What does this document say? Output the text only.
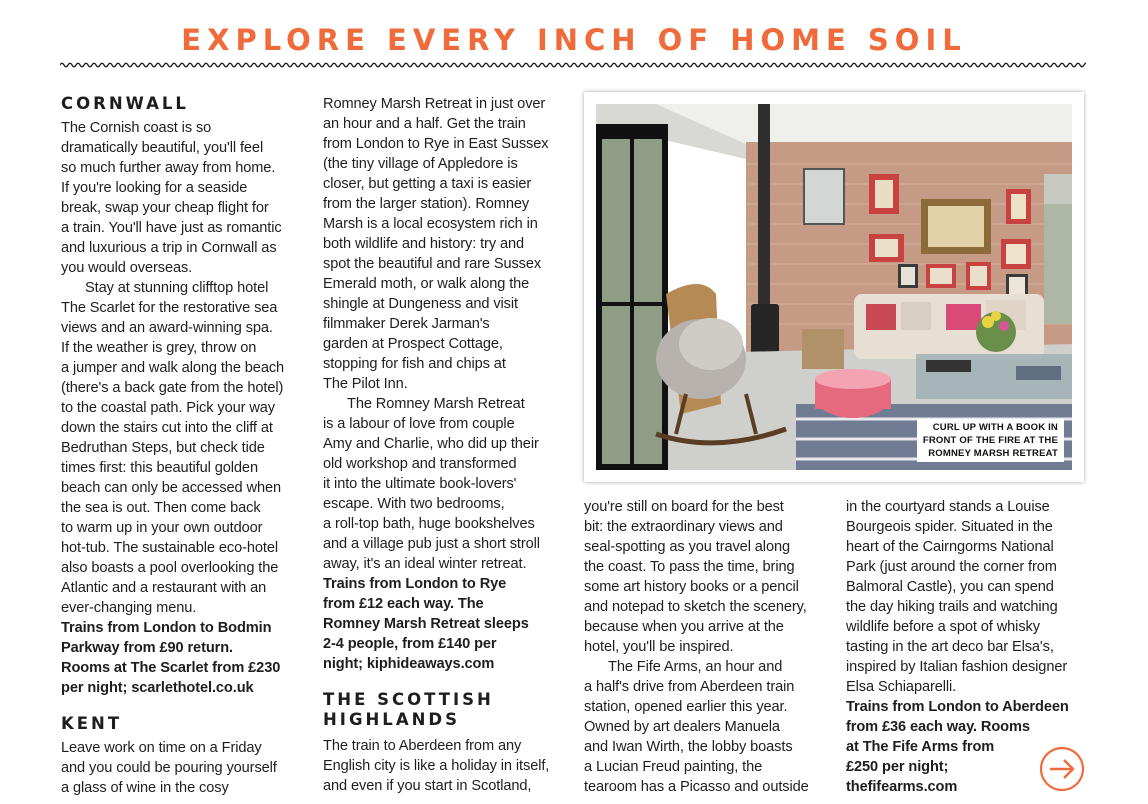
EXPLORE EVERY INCH OF HOME SOIL
CORNWALL

The Cornish coast is so
dramatically beautiful, you'll feel
so much further away from home.
If you're looking for a seaside
break, swap your cheap flight for
a train. You'll have just as romantic
and luxurious a trip in Cornwall as
you would overseas.

Stay at stunning clifftop hotel
The Scarlet for the restorative sea
views and an award-winning spa.
If the weather is grey, throw on
a jumper and walk along the beach
(there's a back gate from the hotel)
to the coastal path. Pick your way
down the stairs cut into the cliff at
Bedruthan Steps, but check tide
times first: this beautiful golden
beach can only be accessed when
the sea is out. Then come back
to warm up in your own outdoor
hot-tub. The sustainable eco-hotel
also boasts a pool overlooking the
Atlantic and a restaurant with an
ever-changing menu.

Trains from London to Bodmin
Parkway from £90 return.
Rooms at The Scarlet from £230
per night; scarlethotel.co.uk

KENT

Leave work on time on a Friday
and you could be pouring yourself
a glass of wine in the cosy

Romney Marsh Retreat in just over
an hour and a half. Get the train
from London to Rye in East Sussex
(the tiny village of Appledore is
closer, but getting a taxi is easier
from the larger station). Romney
Marsh is a local ecosystem rich in
both wildlife and history: try and
spot the beautiful and rare Sussex
Emerald moth, or walk along the
shingle at Dungeness and visit
filmmaker Derek Jarman's
garden at Prospect Cottage,
stopping for fish and chips at
The Pilot Inn.

The Romney Marsh Retreat
is a labour of love from couple
Amy and Charlie, who did up their
old workshop and transformed
it into the ultimate book-lovers'
escape. With two bedrooms,
a roll-top bath, huge bookshelves
and a village pub just a short stroll
away, it's an ideal winter retreat.

Trains from London to Rye
from £12 each way. The
Romney Marsh Retreat sleeps
2-4 people, from £140 per
night; kiphideaways.com

THE SCOTTISH
HIGHLANDS

The train to Aberdeen from any
English city is like a holiday in itself,
and even if you start in Scotland,

you're still on board for the best
bit: the extraordinary views and
seal-spotting as you travel along
the coast. To pass the time, bring
some art history books or a pencil
and notepad to sketch the scenery,
because when you arrive at the
hotel, you'll be inspired.

The Fife Arms, an hour and
a half's drive from Aberdeen train
station, opened earlier this year.
Owned by art dealers Manuela
and Iwan Wirth, the lobby boasts
a Lucian Freud painting, the
tearoom has a Picasso and outside

in the courtyard stands a Louise
Bourgeois spider. Situated in the
heart of the Cairngorms National
Park (just around the corner from
Balmoral Castle), you can spend
the day hiking trails and watching
wildlife before a spot of whisky
tasting in the art deco bar Elsa's,
inspired by Italian fashion designer
Elsa Schiaparelli.

Trains from London to Aberdeen
from £36 each way. Rooms
at The Fife Arms from
£250 per night;
thefifearms.com

CURL UP WITH A BOOK IN
FRONT OF THE FIRE AT THE
ROMNEY MARSH RETREAT
